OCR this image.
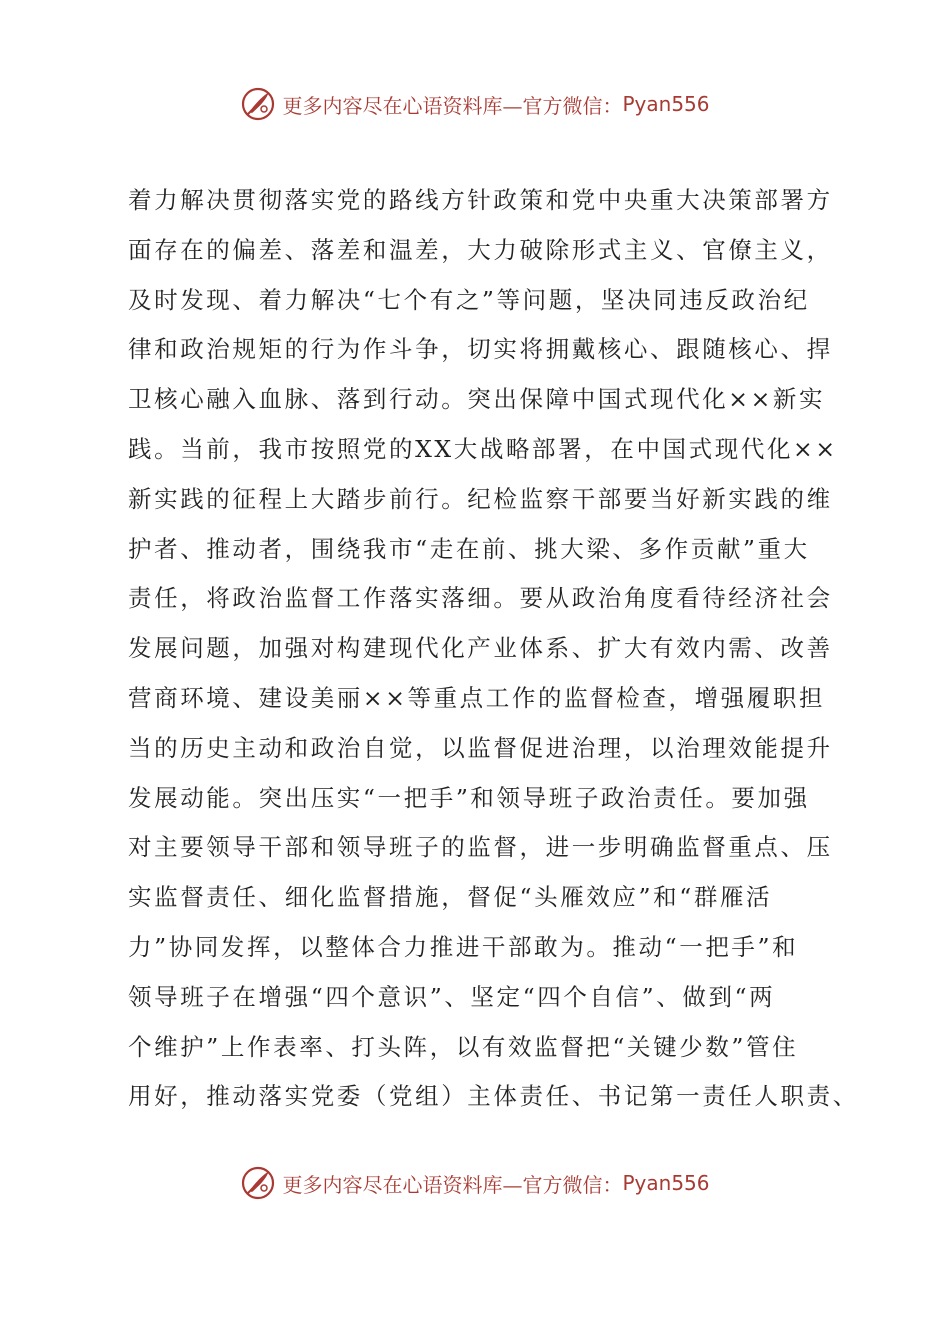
更多内容尽在心语资料库—官方微信： Pyan556
着力解决贯彻落实党的路线方针政策和党中央重大决策部署方
面存在的偏差、落差和温差，大力破除形式主义、官僚主义，
及时发现、着力解决“七个有之”等问题，坚决同违反政治纪
律和政治规矩的行为作斗争，切实将拥戴核心、跟随核心、捍
卫核心融入血脉、落到行动。突出保障中国式现代化××新实
践。当前，我市按照党的XX大战略部署，在中国式现代化××
新实践的征程上大踏步前行。纪检监察干部要当好新实践的维
护者、推动者，围绕我市“走在前、挑大梁、多作贡献”重大
责任，将政治监督工作落实落细。要从政治角度看待经济社会
发展问题，加强对构建现代化产业体系、扩大有效内需、改善
营商环境、建设美丽××等重点工作的监督检查，增强履职担
当的历史主动和政治自觉，以监督促进治理，以治理效能提升
发展动能。突出压实“一把手”和领导班子政治责任。要加强
对主要领导干部和领导班子的监督，进一步明确监督重点、压
实监督责任、细化监督措施，督促“头雁效应”和“群雁活
力”协同发挥，以整体合力推进干部敢为。推动“一把手”和
领导班子在增强“四个意识”、坚定“四个自信”、做到“两
个维护”上作表率、打头阵，以有效监督把“关键少数”管住
用好，推动落实党委（党组）主体责任、书记第一责任人职责、
更多内容尽在心语资料库—官方微信： Pyan556
